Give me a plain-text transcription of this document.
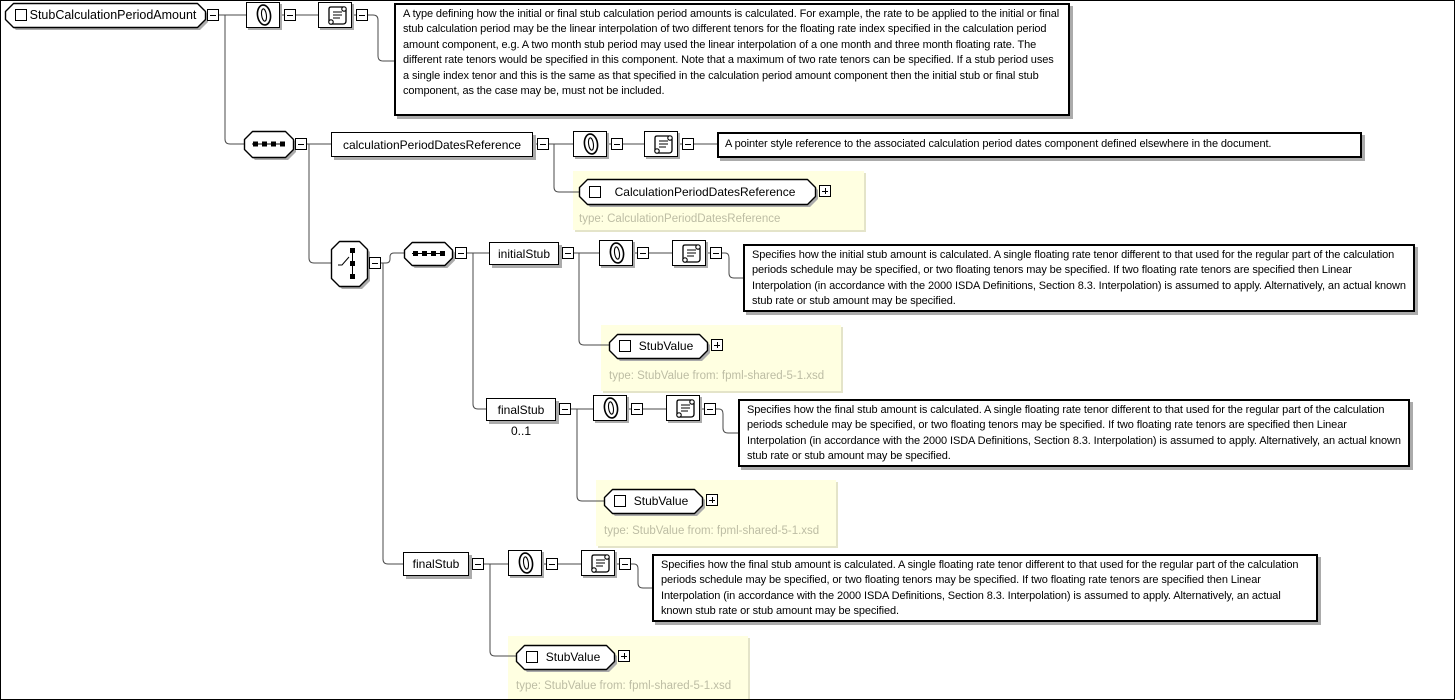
StubCalculationPeriodAmount	A type defining how the initial or final stub calculation period amounts is calculated. For example, the rate to be applied to the initial or final stub calculation period may be the linear interpolation of two different tenors for the floating rate index specified in the calculation period amount component, e.g. A two month stub period may used the linear interpolation of a one month and three month floating rate. The different rate tenors would be specified in this component. Note that a maximum of two rate tenors can be specified. If a stub period uses a single index tenor and this is the same as that specified in the calculation period amount component then the initial stub or final stub component, as the case may be, must not be included.
calculationPeriodDatesReference	A pointer style reference to the associated calculation period dates component defined elsewhere in the document.
CalculationPeriodDatesReference
type: CalculationPeriodDatesReference
initialStub	Specifies how the initial stub amount is calculated. A single floating rate tenor different to that used for the regular part of the calculation periods schedule may be specified, or two floating tenors may be specified. If two floating rate tenors are specified then Linear Interpolation (in accordance with the 2000 ISDA Definitions, Section 8.3. Interpolation) is assumed to apply. Alternatively, an actual known stub rate or stub amount may be specified.
StubValue
type: StubValue from: fpml-shared-5-1.xsd
finalStub
0..1
Specifies how the final stub amount is calculated. A single floating rate tenor different to that used for the regular part of the calculation periods schedule may be specified, or two floating tenors may be specified. If two floating rate tenors are specified then Linear Interpolation (in accordance with the 2000 ISDA Definitions, Section 8.3. Interpolation) is assumed to apply. Alternatively, an actual known stub rate or stub amount may be specified.
StubValue
type: StubValue from: fpml-shared-5-1.xsd
finalStub	Specifies how the final stub amount is calculated. A single floating rate tenor different to that used for the regular part of the calculation periods schedule may be specified, or two floating tenors may be specified. If two floating rate tenors are specified then Linear Interpolation (in accordance with the 2000 ISDA Definitions, Section 8.3. Interpolation) is assumed to apply. Alternatively, an actual known stub rate or stub amount may be specified.
StubValue
type: StubValue from: fpml-shared-5-1.xsd
